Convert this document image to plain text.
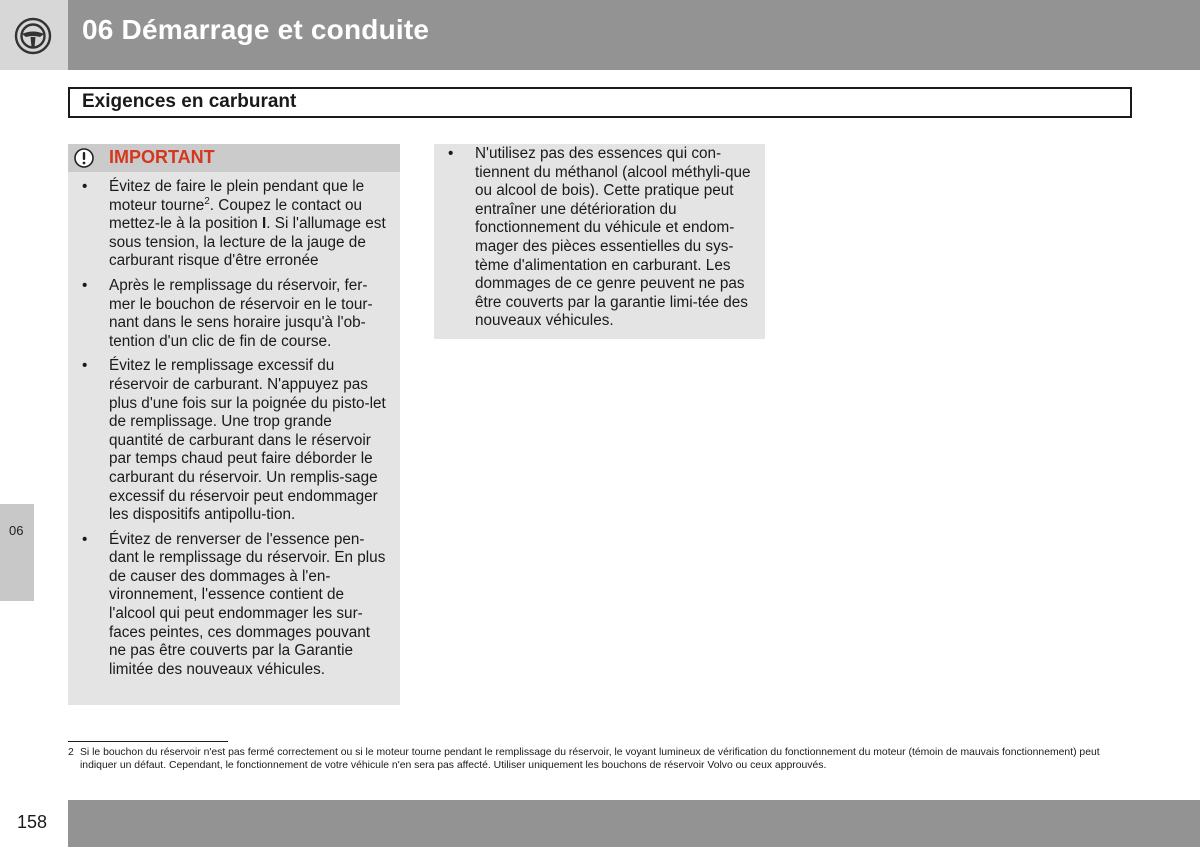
06 Démarrage et conduite
Exigences en carburant
IMPORTANT
• Évitez de faire le plein pendant que le moteur tourne$^2$. Coupez le contact ou mettez-le à la position I. Si l'allumage est sous tension, la lecture de la jauge de carburant risque d'être erronée
• Après le remplissage du réservoir, fer-mer le bouchon de réservoir en le tour-nant dans le sens horaire jusqu'à l'ob-tention d'un clic de fin de course.
• Évitez le remplissage excessif du réservoir de carburant. N'appuyez pas plus d'une fois sur la poignée du pisto-let de remplissage. Une trop grande quantité de carburant dans le réservoir par temps chaud peut faire déborder le carburant du réservoir. Un remplis-sage excessif du réservoir peut endommager les dispositifs antipollu-tion.
• Évitez de renverser de l'essence pen-dant le remplissage du réservoir. En plus de causer des dommages à l'en-vironnement, l'essence contient de l'alcool qui peut endommager les sur-faces peintes, ces dommages pouvant ne pas être couverts par la Garantie limitée des nouveaux véhicules.
• N'utilisez pas des essences qui con-tiennent du méthanol (alcool méthyli-que ou alcool de bois). Cette pratique peut entraîner une détérioration du fonctionnement du véhicule et endom-mager des pièces essentielles du sys-tème d'alimentation en carburant. Les dommages de ce genre peuvent ne pas être couverts par la garantie limi-tée des nouveaux véhicules.
06
2 Si le bouchon du réservoir n'est pas fermé correctement ou si le moteur tourne pendant le remplissage du réservoir, le voyant lumineux de vérification du fonctionnement du moteur (témoin de mauvais fonctionnement) peut indiquer un défaut. Cependant, le fonctionnement de votre véhicule n'en sera pas affecté. Utiliser uniquement les bouchons de réservoir Volvo ou ceux approuvés.
158
